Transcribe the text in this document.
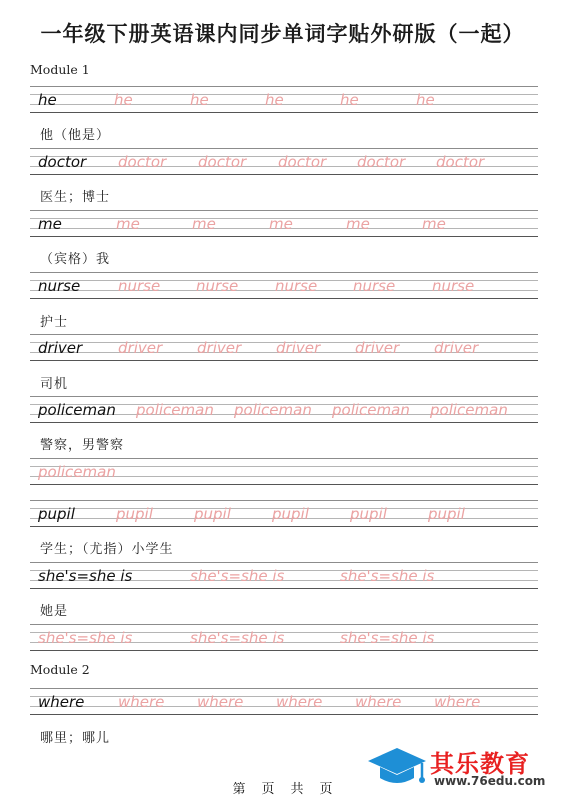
一年级下册英语课内同步单词字贴外研版（一起）
Module 1
he	he	he	he	he	he
他（他是）
doctor doctor doctor doctor doctor doctor
医生；博士
me	me	me	me	me	me
（宾格）我
nurse	nurse nurse nurse nurse nurse
护士
driver driver driver driver driver driver
司机
policeman policeman policeman policeman policeman
警察，男警察
policeman
pupil	pupil	pupil	pupil	pupil	pupil
学生；（尤指）小学生
she's=she is	she's=she is	she's=she is
她是
she's=she is	she's=she is	she's=she is
Module 2
where where where where where where
哪里；哪儿
第 页 共 页
其乐教育
www.76edu.com
